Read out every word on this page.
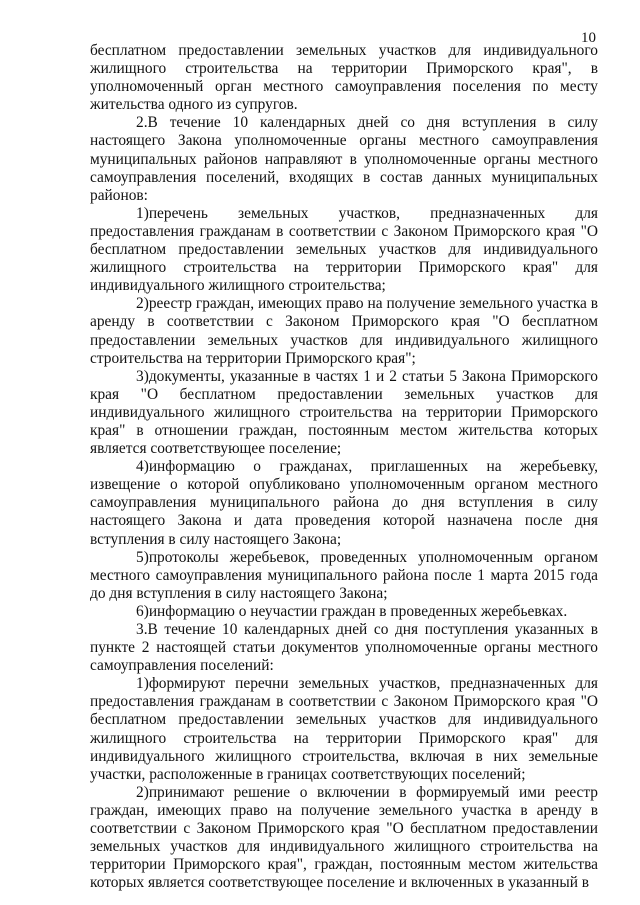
10

бесплатном предоставлении земельных участков для индивидуального жилищного строительства на территории Приморского края", в уполномоченный орган местного самоуправления поселения по месту жительства одного из супругов.

2.В течение 10 календарных дней со дня вступления в силу настоящего Закона уполномоченные органы местного самоуправления муниципальных районов направляют в уполномоченные органы местного самоуправления поселений, входящих в состав данных муниципальных районов:

1)перечень земельных участков, предназначенных для предоставления гражданам в соответствии с Законом Приморского края "О бесплатном предоставлении земельных участков для индивидуального жилищного строительства на территории Приморского края" для индивидуального жилищного строительства;

2)реестр граждан, имеющих право на получение земельного участка в аренду в соответствии с Законом Приморского края "О бесплатном предоставлении земельных участков для индивидуального жилищного строительства на территории Приморского края";

3)документы, указанные в частях 1 и 2 статьи 5 Закона Приморского края "О бесплатном предоставлении земельных участков для индивидуального жилищного строительства на территории Приморского края" в отношении граждан, постоянным местом жительства которых является соответствующее поселение;

4)информацию о гражданах, приглашенных на жеребьевку, извещение о которой опубликовано уполномоченным органом местного самоуправления муниципального района до дня вступления в силу настоящего Закона и дата проведения которой назначена после дня вступления в силу настоящего Закона;

5)протоколы жеребьевок, проведенных уполномоченным органом местного самоуправления муниципального района после 1 марта 2015 года до дня вступления в силу настоящего Закона;

6)информацию о неучастии граждан в проведенных жеребьевках.

3.В течение 10 календарных дней со дня поступления указанных в пункте 2 настоящей статьи документов уполномоченные органы местного самоуправления поселений:

1)формируют перечни земельных участков, предназначенных для предоставления гражданам в соответствии с Законом Приморского края "О бесплатном предоставлении земельных участков для индивидуального жилищного строительства на территории Приморского края" для индивидуального жилищного строительства, включая в них земельные участки, расположенные в границах соответствующих поселений;

2)принимают решение о включении в формируемый ими реестр граждан, имеющих право на получение земельного участка в аренду в соответствии с Законом Приморского края "О бесплатном предоставлении земельных участков для индивидуального жилищного строительства на территории Приморского края", граждан, постоянным местом жительства которых является соответствующее поселение и включенных в указанный в
